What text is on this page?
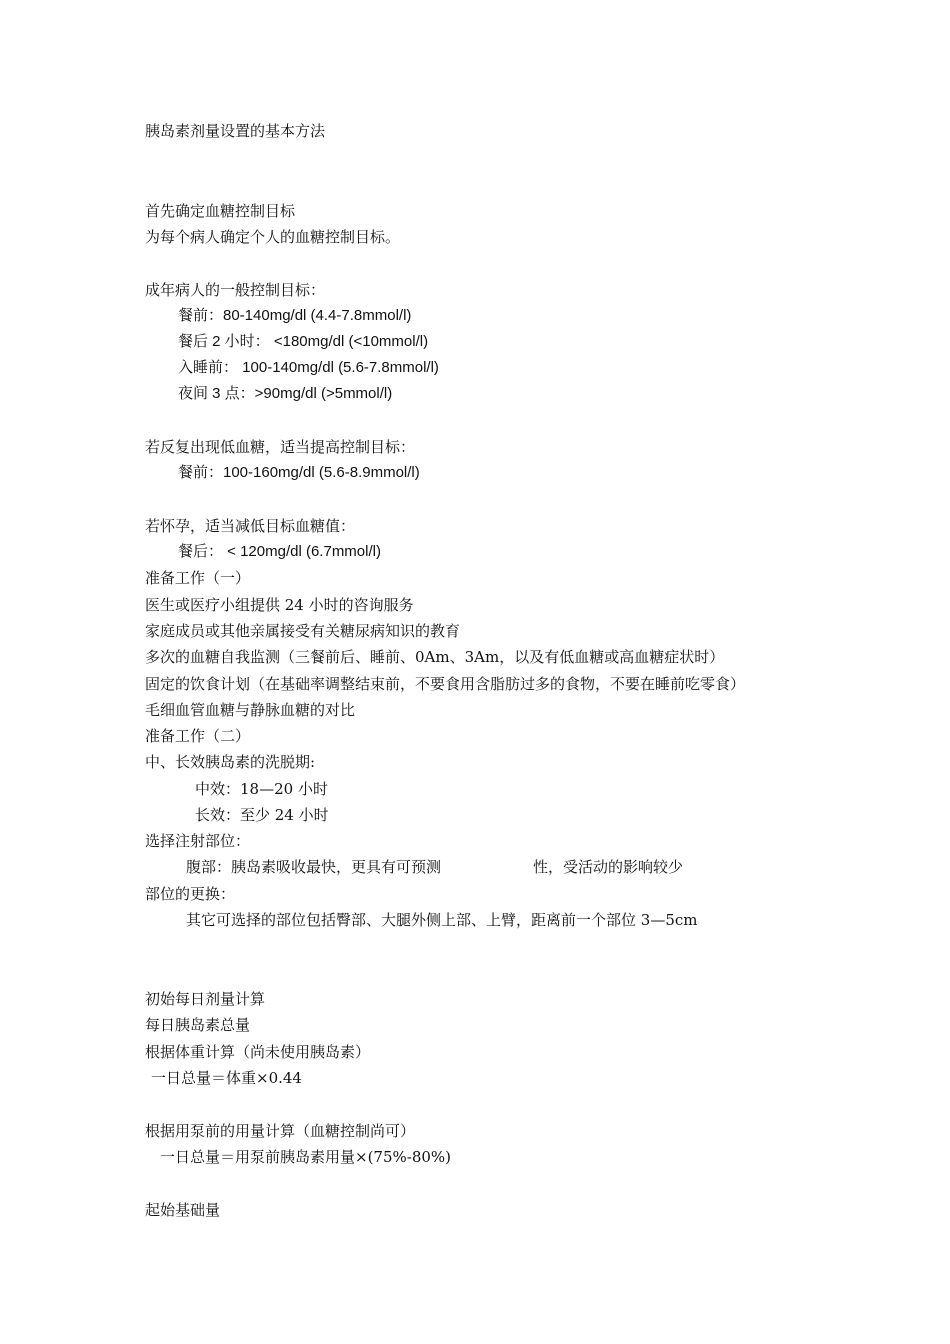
胰岛素剂量设置的基本方法
首先确定血糖控制目标
为每个病人确定个人的血糖控制目标。
成年病人的一般控制目标：
餐前：80-140mg/dl (4.4-7.8mmol/l)
餐后 2 小时： <180mg/dl (<10mmol/l)
入睡前： 100-140mg/dl (5.6-7.8mmol/l)
夜间 3 点：>90mg/dl (>5mmol/l)
若反复出现低血糖，适当提高控制目标：
餐前：100-160mg/dl (5.6-8.9mmol/l)
若怀孕，适当减低目标血糖值：
餐后： < 120mg/dl (6.7mmol/l)
准备工作（一）
医生或医疗小组提供 24 小时的咨询服务
家庭成员或其他亲属接受有关糖尿病知识的教育
多次的血糖自我监测（三餐前后、睡前、0Am、3Am，以及有低血糖或高血糖症状时）
固定的饮食计划（在基础率调整结束前，不要食用含脂肪过多的食物，不要在睡前吃零食）
毛细血管血糖与静脉血糖的对比
准备工作（二）
中、长效胰岛素的洗脱期:
中效：18—20 小时
长效：至少 24 小时
选择注射部位：
腹部：胰岛素吸收最快，更具有可预测	性，受活动的影响较少
部位的更换：
其它可选择的部位包括臀部、大腿外侧上部、上臂，距离前一个部位 3—5cm
初始每日剂量计算
每日胰岛素总量
根据体重计算（尚未使用胰岛素）
一日总量＝体重×0.44
根据用泵前的用量计算（血糖控制尚可）
一日总量＝用泵前胰岛素用量×(75%-80%)
起始基础量
